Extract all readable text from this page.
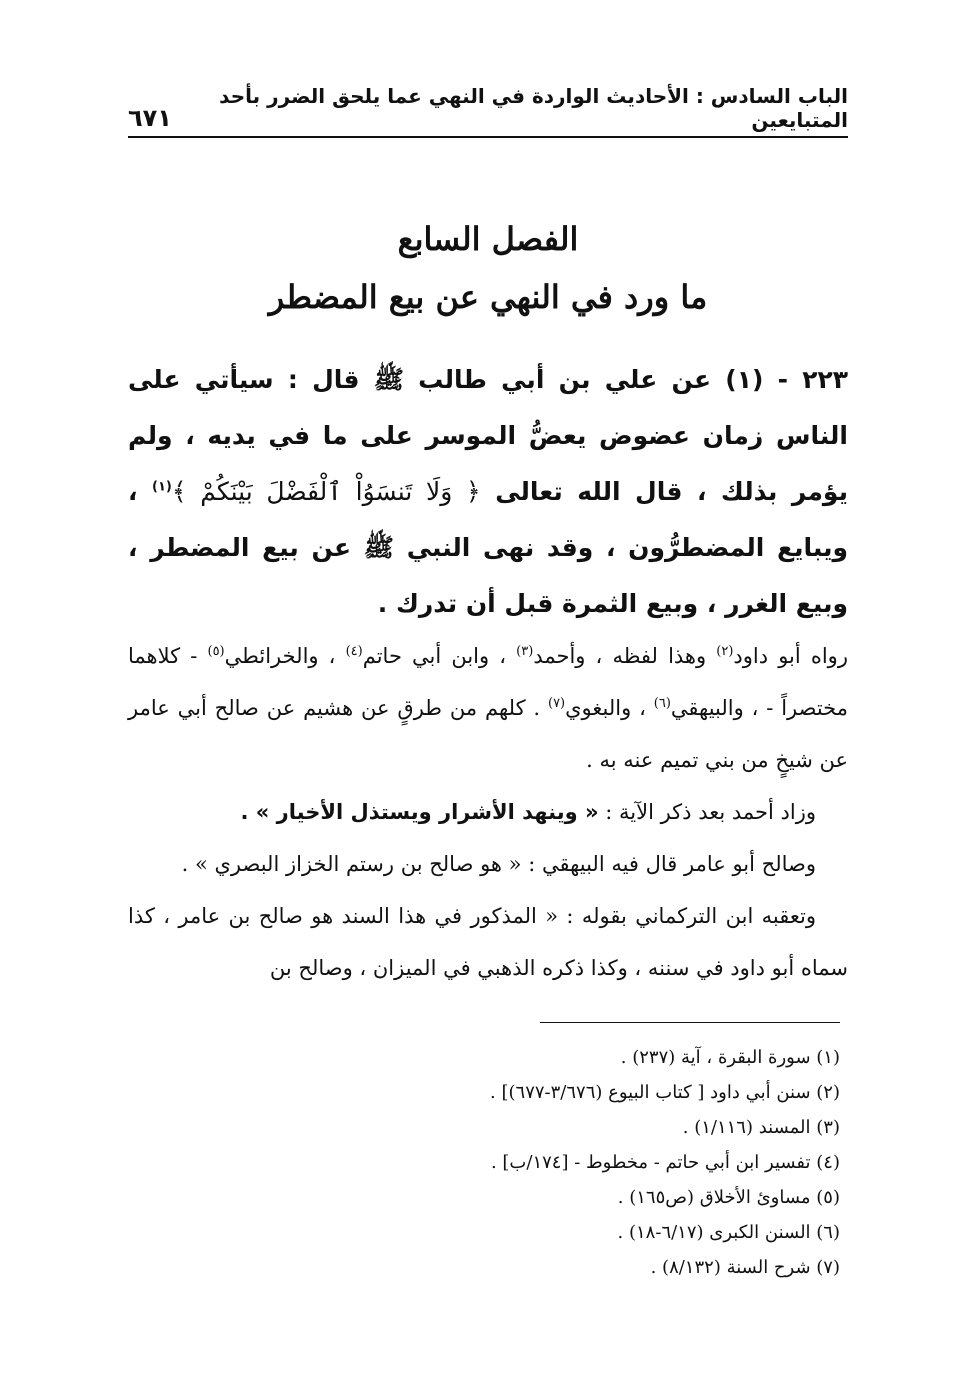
الباب السادس : الأحاديث الواردة في النهي عما يلحق الضرر بأحد المتبايعين
٦٧١
الفصل السابع
ما ورد في النهي عن بيع المضطر
٢٢٣ - (١) عن علي بن أبي طالب ﷺ قال : سيأتي على الناس زمان عضوض يعضُّ الموسر على ما في يديه ، ولم يؤمر بذلك ، قال الله تعالى ﴿ وَلَا تَنسَوُاْ ٱلْفَضْلَ بَيْنَكُمْ ﴾$^{(١)}$ ، ويبايع المضطرُّون ، وقد نهى النبي ﷺ عن بيع المضطر ، وبيع الغرر ، وبيع الثمرة قبل أن تدرك .
رواه أبو داود$^{(٢)}$ وهذا لفظه ، وأحمد$^{(٣)}$ ، وابن أبي حاتم$^{(٤)}$ ، والخرائطي$^{(٥)}$ - كلاهما مختصراً - ، والبيهقي$^{(٦)}$ ، والبغوي$^{(٧)}$ . كلهم من طرقٍ عن هشيم عن صالح أبي عامر عن شيخٍ من بني تميم عنه به .
وزاد أحمد بعد ذكر الآية : « وينهد الأشرار ويستذل الأخيار » .
وصالح أبو عامر قال فيه البيهقي : « هو صالح بن رستم الخزاز البصري » .
وتعقبه ابن التركماني بقوله : « المذكور في هذا السند هو صالح بن عامر ، كذا سماه أبو داود في سننه ، وكذا ذكره الذهبي في الميزان ، وصالح بن
(١) سورة البقرة ، آية (٢٣٧) .
(٢) سنن أبي داود [ كتاب البيوع (٣/٦٧٦-٦٧٧)] .
(٣) المسند (١/١١٦) .
(٤) تفسير ابن أبي حاتم - مخطوط - [١٧٤/ب] .
(٥) مساوئ الأخلاق (ص١٦٥) .
(٦) السنن الكبرى (٦/١٧-١٨) .
(٧) شرح السنة (٨/١٣٢) .
